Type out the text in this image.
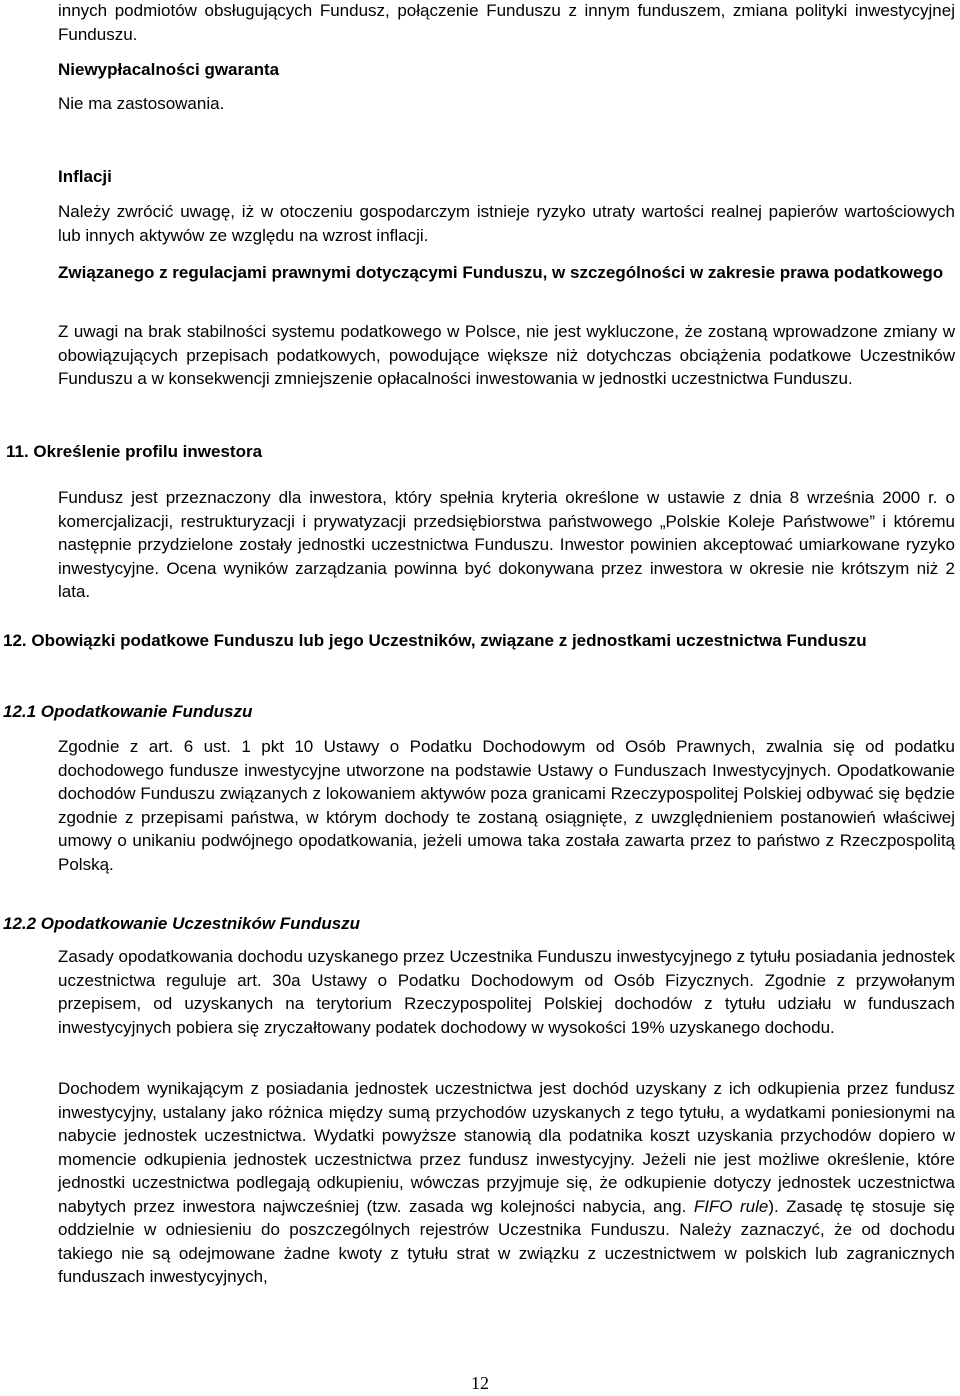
innych podmiotów obsługujących Fundusz, połączenie Funduszu z innym funduszem, zmiana polityki inwestycyjnej Funduszu.

Niewypłacalności gwaranta

Nie ma zastosowania.

Inflacji

Należy zwrócić uwagę, iż w otoczeniu gospodarczym istnieje ryzyko utraty wartości realnej papierów wartościowych lub innych aktywów ze względu na wzrost inflacji.

Związanego z regulacjami prawnymi dotyczącymi Funduszu, w szczególności w zakresie prawa podatkowego

Z uwagi na brak stabilności systemu podatkowego w Polsce, nie jest wykluczone, że zostaną wprowadzone zmiany w obowiązujących przepisach podatkowych, powodujące większe niż dotychczas obciążenia podatkowe Uczestników Funduszu a w konsekwencji zmniejszenie opłacalności inwestowania w jednostki uczestnictwa Funduszu.

11. Określenie profilu inwestora

Fundusz jest przeznaczony dla inwestora, który spełnia kryteria określone w ustawie z dnia 8 września 2000 r. o komercjalizacji, restrukturyzacji i prywatyzacji przedsiębiorstwa państwowego „Polskie Koleje Państwowe” i któremu następnie przydzielone zostały jednostki uczestnictwa Funduszu. Inwestor powinien akceptować umiarkowane ryzyko inwestycyjne. Ocena wyników zarządzania powinna być dokonywana przez inwestora w okresie nie krótszym niż 2 lata.

12. Obowiązki podatkowe Funduszu lub jego Uczestników, związane z jednostkami uczestnictwa Funduszu

12.1 Opodatkowanie Funduszu

Zgodnie z art. 6 ust. 1 pkt 10 Ustawy o Podatku Dochodowym od Osób Prawnych, zwalnia się od podatku dochodowego fundusze inwestycyjne utworzone na podstawie Ustawy o Funduszach Inwestycyjnych. Opodatkowanie dochodów Funduszu związanych z lokowaniem aktywów poza granicami Rzeczypospolitej Polskiej odbywać się będzie zgodnie z przepisami państwa, w którym dochody te zostaną osiągnięte, z uwzględnieniem postanowień właściwej umowy o unikaniu podwójnego opodatkowania, jeżeli umowa taka została zawarta przez to państwo z Rzeczpospolitą Polską.

12.2 Opodatkowanie Uczestników Funduszu

Zasady opodatkowania dochodu uzyskanego przez Uczestnika Funduszu inwestycyjnego z tytułu posiadania jednostek uczestnictwa reguluje art. 30a Ustawy o Podatku Dochodowym od Osób Fizycznych. Zgodnie z przywołanym przepisem, od uzyskanych na terytorium Rzeczypospolitej Polskiej dochodów z tytułu udziału w funduszach inwestycyjnych pobiera się zryczałtowany podatek dochodowy w wysokości 19% uzyskanego dochodu.

Dochodem wynikającym z posiadania jednostek uczestnictwa jest dochód uzyskany z ich odkupienia przez fundusz inwestycyjny, ustalany jako różnica między sumą przychodów uzyskanych z tego tytułu, a wydatkami poniesionymi na nabycie jednostek uczestnictwa. Wydatki powyższe stanowią dla podatnika koszt uzyskania przychodów dopiero w momencie odkupienia jednostek uczestnictwa przez fundusz inwestycyjny. Jeżeli nie jest możliwe określenie, które jednostki uczestnictwa podlegają odkupieniu, wówczas przyjmuje się, że odkupienie dotyczy jednostek uczestnictwa nabytych przez inwestora najwcześniej (tzw. zasada wg kolejności nabycia, ang. FIFO rule). Zasadę tę stosuje się oddzielnie w odniesieniu do poszczególnych rejestrów Uczestnika Funduszu. Należy zaznaczyć, że od dochodu takiego nie są odejmowane żadne kwoty z tytułu strat w związku z uczestnictwem w polskich lub zagranicznych funduszach inwestycyjnych,

12
